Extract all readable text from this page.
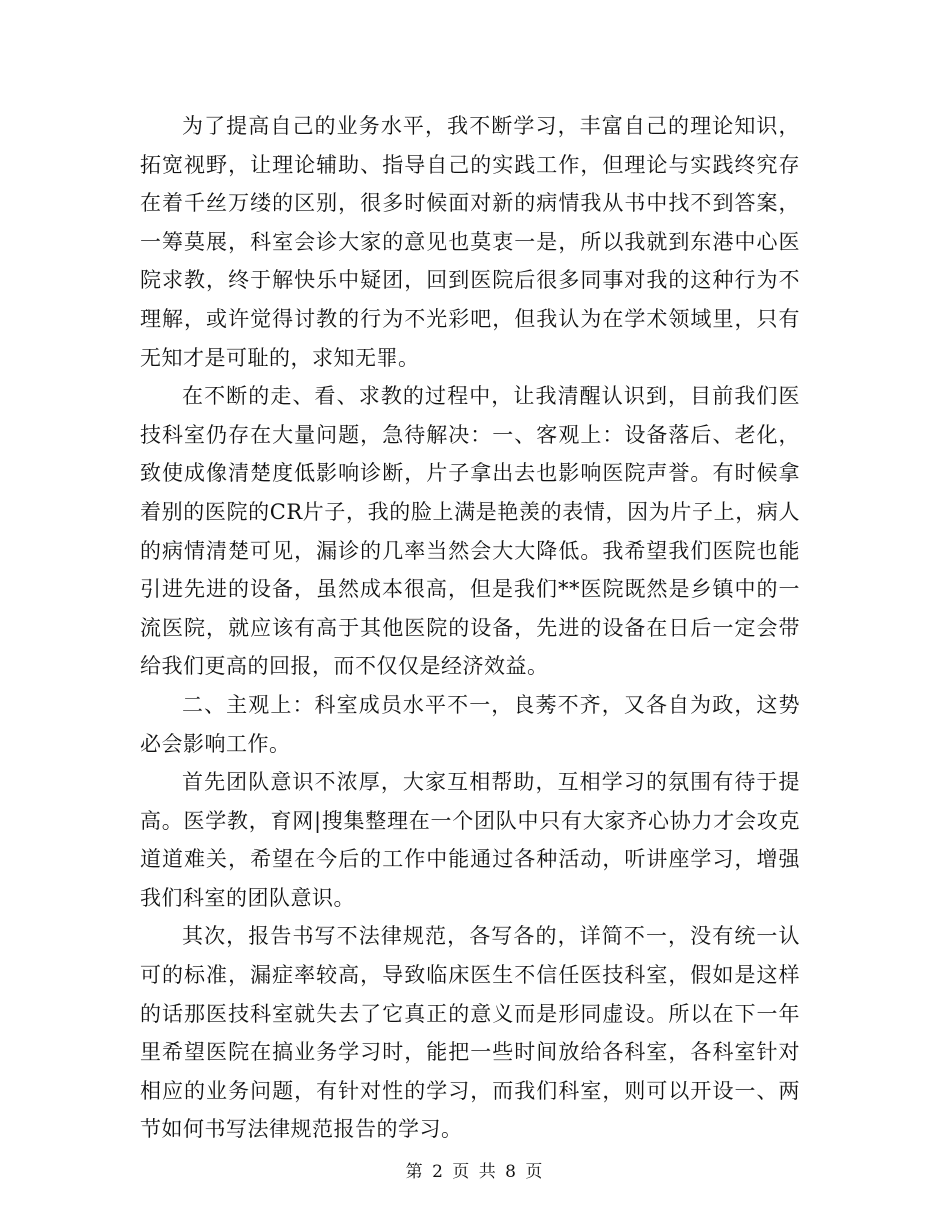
为了提高自己的业务水平，我不断学习，丰富自己的理论知识，拓宽视野，让理论辅助、指导自己的实践工作，但理论与实践终究存在着千丝万缕的区别，很多时候面对新的病情我从书中找不到答案，一筹莫展，科室会诊大家的意见也莫衷一是，所以我就到东港中心医院求教，终于解快乐中疑团，回到医院后很多同事对我的这种行为不理解，或许觉得讨教的行为不光彩吧，但我认为在学术领域里，只有无知才是可耻的，求知无罪。

在不断的走、看、求教的过程中，让我清醒认识到，目前我们医技科室仍存在大量问题，急待解决：一、客观上：设备落后、老化，致使成像清楚度低影响诊断，片子拿出去也影响医院声誉。有时候拿着别的医院的CR片子，我的脸上满是艳羡的表情，因为片子上，病人的病情清楚可见，漏诊的几率当然会大大降低。我希望我们医院也能引进先进的设备，虽然成本很高，但是我们**医院既然是乡镇中的一流医院，就应该有高于其他医院的设备，先进的设备在日后一定会带给我们更高的回报，而不仅仅是经济效益。

二、主观上：科室成员水平不一，良莠不齐，又各自为政，这势必会影响工作。

首先团队意识不浓厚，大家互相帮助，互相学习的氛围有待于提高。医学教，育网|搜集整理在一个团队中只有大家齐心协力才会攻克道道难关，希望在今后的工作中能通过各种活动，听讲座学习，增强我们科室的团队意识。

其次，报告书写不法律规范，各写各的，详简不一，没有统一认可的标准，漏症率较高，导致临床医生不信任医技科室，假如是这样的话那医技科室就失去了它真正的意义而是形同虚设。所以在下一年里希望医院在搞业务学习时，能把一些时间放给各科室，各科室针对相应的业务问题，有针对性的学习，而我们科室，则可以开设一、两节如何书写法律规范报告的学习。

第 2 页 共 8 页
